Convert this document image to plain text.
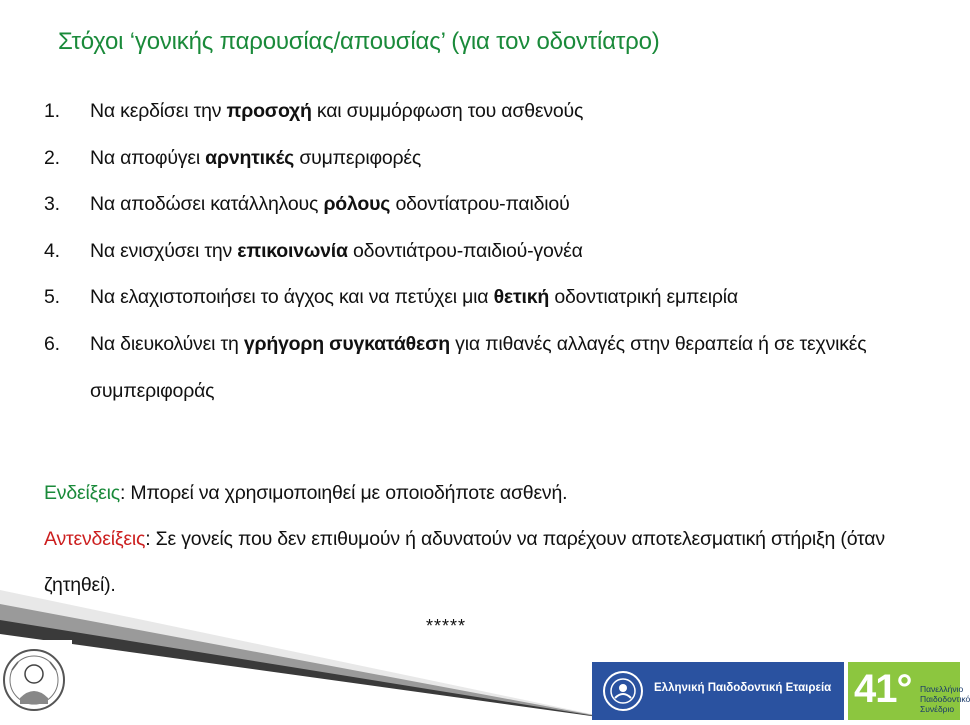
Στόχοι ‘γονικής παρουσίας/απουσίας’ (για τον οδοντίατρο)
1. Να κερδίσει την προσοχή και συμμόρφωση του ασθενούς
2. Να αποφύγει αρνητικές συμπεριφορές
3. Να αποδώσει κατάλληλους ρόλους οδοντίατρου-παιδιού
4. Να ενισχύσει την επικοινωνία οδοντιάτρου-παιδιού-γονέα
5. Να ελαχιστοποιήσει το άγχος και να πετύχει μια θετική οδοντιατρική εμπειρία
6. Να διευκολύνει τη γρήγορη συγκατάθεση για πιθανές αλλαγές στην θεραπεία ή σε τεχνικές συμπεριφοράς
Ενδείξεις: Μπορεί να χρησιμοποιηθεί με οποιοδήποτε ασθενή.
Αντενδείξεις: Σε γονείς που δεν επιθυμούν ή αδυνατούν να παρέχουν αποτελεσματική στήριξη (όταν ζητηθεί).
*****
Ελληνική Παιδοδοντική Εταιρεία 41° Πανελλήνιο
Παιδοδοντικό
Συνέδριο
